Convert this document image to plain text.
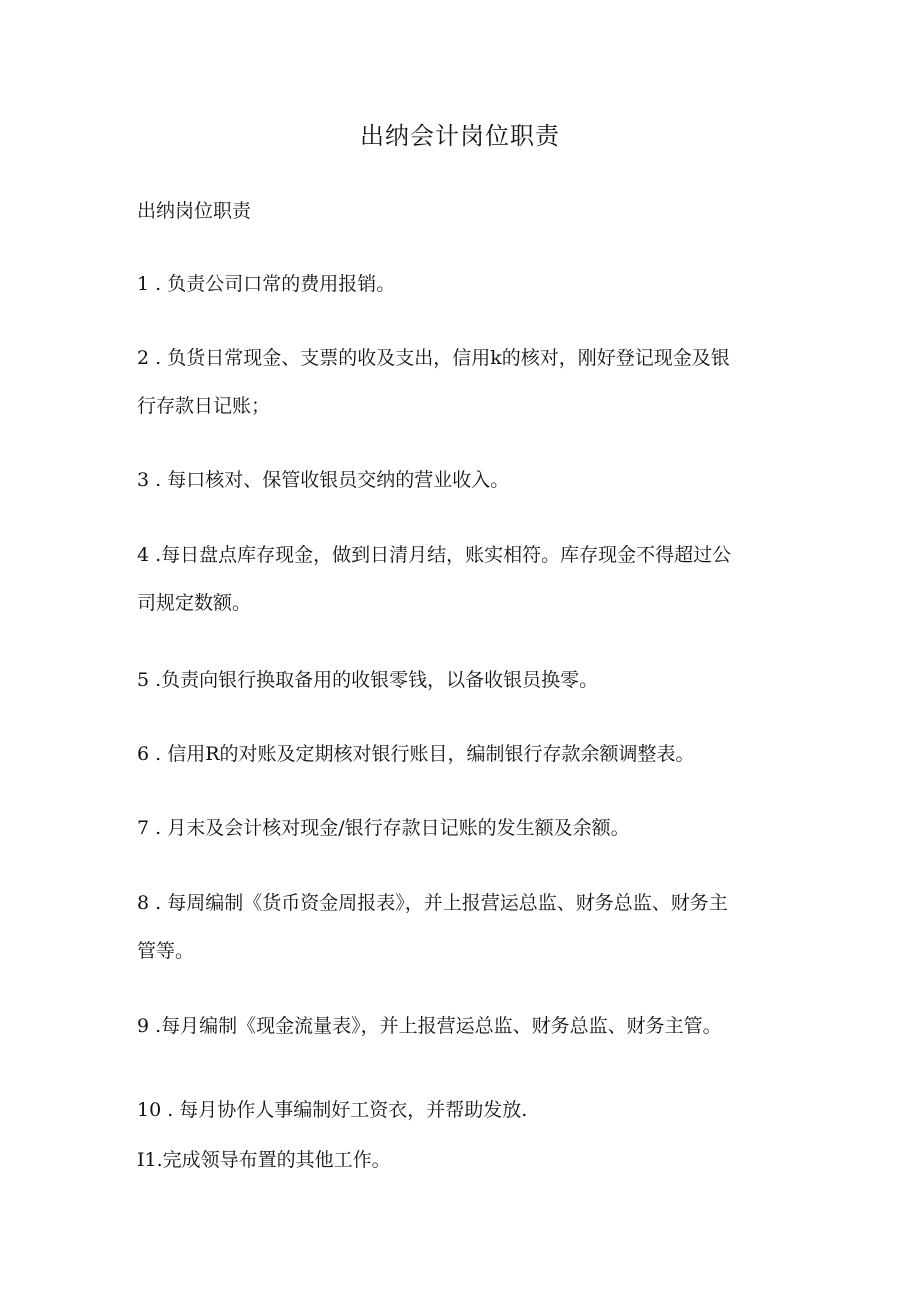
出纳会计岗位职责
出纳岗位职责
1 . 负责公司口常的费用报销。
2 . 负货日常现金、支票的收及支出，信用k的核对，刚好登记现金及银
行存款日记账；
3 . 每口核对、保管收银员交纳的营业收入。
4 .每日盘点库存现金，做到日清月结，账实相符。库存现金不得超过公
司规定数额。
5 .负责向银行换取备用的收银零钱，以备收银员换零。
6 . 信用R的对账及定期核对银行账目，编制银行存款余额调整表。
7 . 月末及会计核对现金/银行存款日记账的发生额及余额。
8 . 每周编制《货币资金周报表》，并上报营运总监、财务总监、财务主
管等。
9 .每月编制《现金流量表》，并上报营运总监、财务总监、财务主管。
10 . 每月协作人事编制好工资衣，并帮助发放.
I1.完成领导布置的其他工作。
